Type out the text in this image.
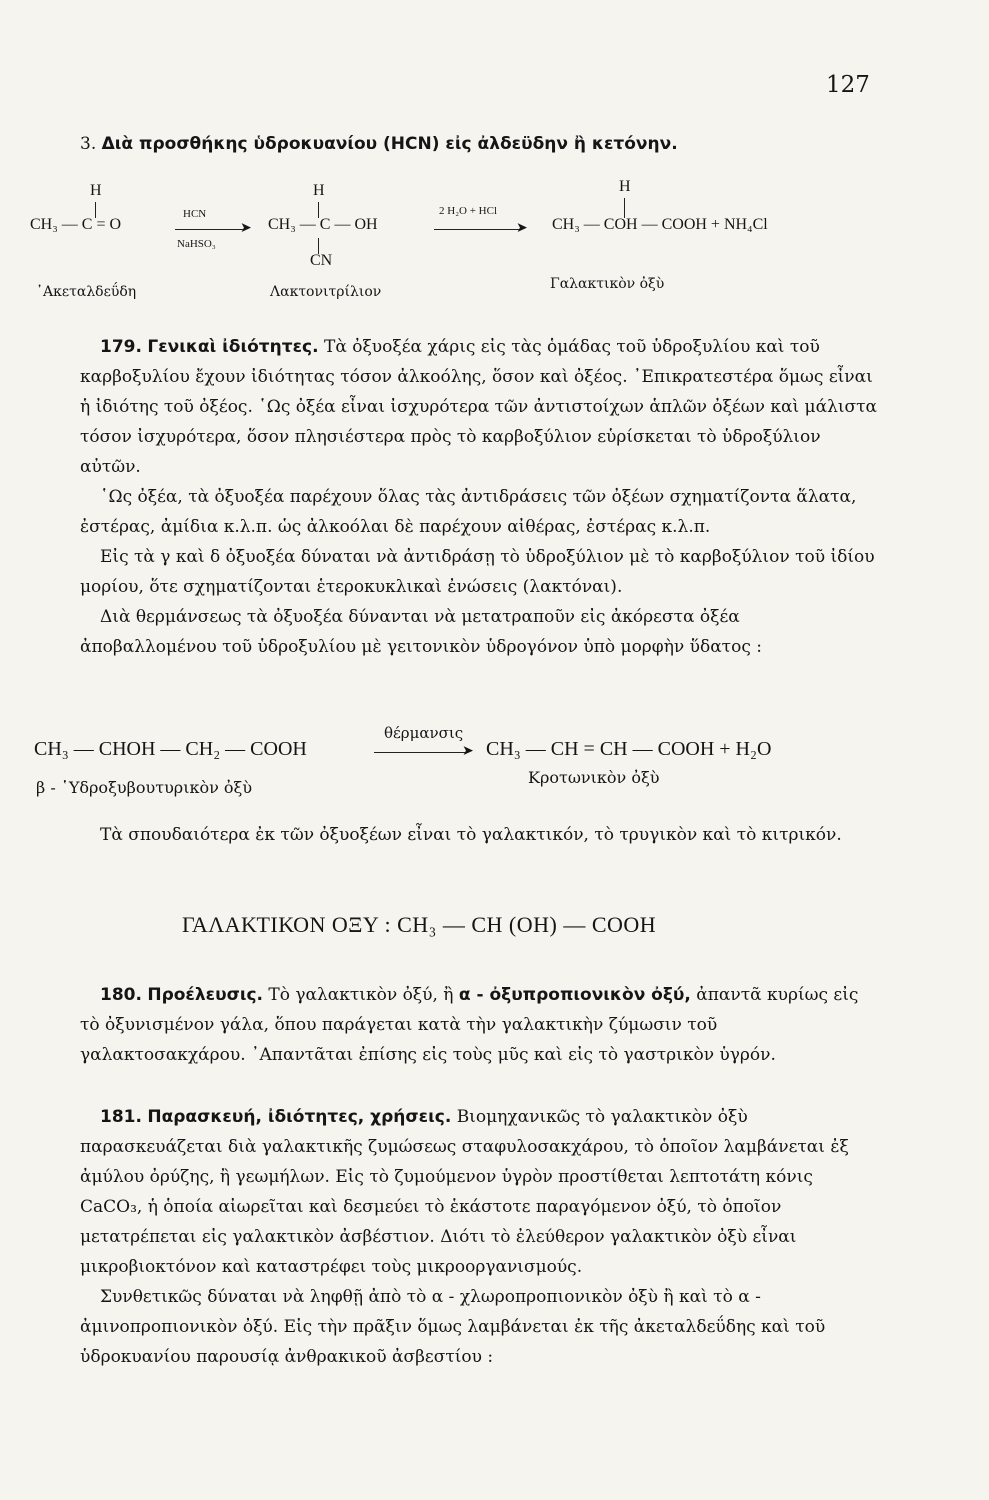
127
3. Διὰ προσθήκης ὑδροκυανίου (HCN) εἰς ἀλδεϋδην ἢ κετόνην.
H
CH₃ — C = O
HCN
➤
NaHSO₃
H
CH₃ — C — OH
CN
2 H₂O + HCl
➤
H
CH₃ — COH — COOH + NH₄Cl
᾿Ακεταλδεΰδη	Λακτονιτρίλιον	Γαλακτικὸν ὀξὺ

179. Γενικαὶ ἰδιότητες. Τὰ ὀξυοξέα χάρις εἰς τὰς ὁμάδας τοῦ ὑδροξυλίου καὶ τοῦ καρβοξυλίου ἔχουν ἰδιότητας τόσον ἀλκοόλης, ὅσον καὶ ὀξέος. ᾿Επικρατεστέρα ὅμως εἶναι ἡ ἰδιότης τοῦ ὀξέος. ῾Ως ὀξέα εἶναι ἰσχυρότερα τῶν ἀντιστοίχων ἁπλῶν ὀξέων καὶ μάλιστα τόσον ἰσχυρότερα, ὅσον πλησιέστερα πρὸς τὸ καρβοξύλιον εὑρίσκεται τὸ ὑδροξύλιον αὐτῶν.

῾Ως ὀξέα, τὰ ὀξυοξέα παρέχουν ὅλας τὰς ἀντιδράσεις τῶν ὀξέων σχηματίζοντα ἅλατα, ἐστέρας, ἀμίδια κ.λ.π. ὡς ἀλκοόλαι δὲ παρέχουν αἰθέρας, ἐστέρας κ.λ.π.

Εἰς τὰ γ καὶ δ ὀξυοξέα δύναται νὰ ἀντιδράσῃ τὸ ὑδροξύλιον μὲ τὸ καρβοξύλιον τοῦ ἰδίου μορίου, ὅτε σχηματίζονται ἑτεροκυκλικαὶ ἐνώσεις (λακτόναι).

Διὰ θερμάνσεως τὰ ὀξυοξέα δύνανται νὰ μετατραποῦν εἰς ἀκόρεστα ὀξέα ἀποβαλλομένου τοῦ ὑδροξυλίου μὲ γειτονικὸν ὑδρογόνον ὑπὸ μορφὴν ὕδατος :

CH₃ — CHOH — CH₂ — COOH
θέρμανσις
➤ CH₃ — CH = CH — COOH + H₂O
β - ῾Υδροξυβουτυρικὸν ὀξὺ
Κροτωνικὸν ὀξὺ

Τὰ σπουδαιότερα ἐκ τῶν ὀξυοξέων εἶναι τὸ γαλακτικόν, τὸ τρυγικὸν καὶ τὸ κιτρικόν.

ΓΑΛΑΚΤΙΚΟΝ ΟΞΥ : CH₃ — CH (OH) — COOH

180. Προέλευσις. Τὸ γαλακτικὸν ὀξύ, ἢ α - ὀξυπροπιονικὸν ὀξύ, ἀπαντᾶ κυρίως εἰς τὸ ὀξυνισμένον γάλα, ὅπου παράγεται κατὰ τὴν γαλακτικὴν ζύμωσιν τοῦ γαλακτοσακχάρου. ᾿Απαντᾶται ἐπίσης εἰς τοὺς μῦς καὶ εἰς τὸ γαστρικὸν ὑγρόν.

181. Παρασκευή, ἰδιότητες, χρήσεις. Βιομηχανικῶς τὸ γαλακτικὸν ὀξὺ παρασκευάζεται διὰ γαλακτικῆς ζυμώσεως σταφυλοσακχάρου, τὸ ὁποῖον λαμβάνεται ἐξ ἀμύλου ὀρύζης, ἢ γεωμήλων. Εἰς τὸ ζυμούμενον ὑγρὸν προστίθεται λεπτοτάτη κόνις CaCO₃, ἡ ὁποία αἰωρεῖται καὶ δεσμεύει τὸ ἑκάστοτε παραγόμενον ὀξύ, τὸ ὁποῖον μετατρέπεται εἰς γαλακτικὸν ἀσβέστιον. Διότι τὸ ἐλεύθερον γαλακτικὸν ὀξὺ εἶναι μικροβιοκτόνον καὶ καταστρέφει τοὺς μικροοργανισμούς.

Συνθετικῶς δύναται νὰ ληφθῇ ἀπὸ τὸ α - χλωροπροπιονικὸν ὀξὺ ἢ καὶ τὸ α - ἀμινοπροπιονικὸν ὀξύ. Εἰς τὴν πρᾶξιν ὅμως λαμβάνεται ἐκ τῆς ἀκεταλδεΰδης καὶ τοῦ ὑδροκυανίου παρουσίᾳ ἀνθρακικοῦ ἀσβεστίου :
